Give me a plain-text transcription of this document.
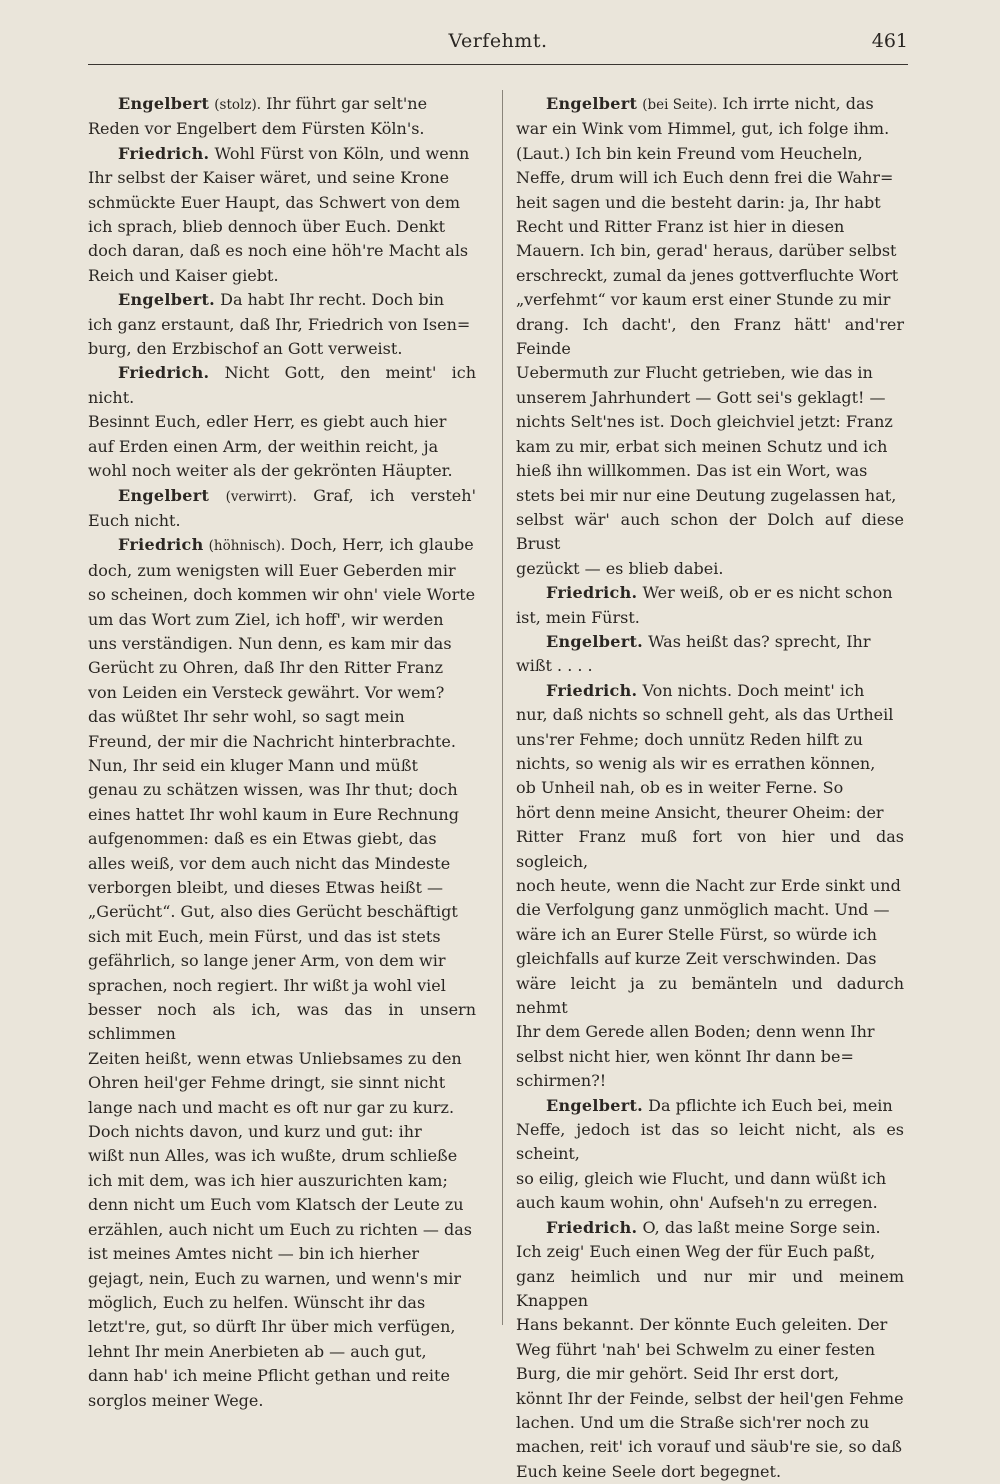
Verfehmt.	461
Engelbert (stolz). Ihr führt gar selt'ne
Reden vor Engelbert dem Fürsten Köln's.
Friedrich. Wohl Fürst von Köln, und wenn
Ihr selbst der Kaiser wäret, und seine Krone
schmückte Euer Haupt, das Schwert von dem
ich sprach, blieb dennoch über Euch. Denkt
doch daran, daß es noch eine höh're Macht als
Reich und Kaiser giebt.
Engelbert. Da habt Ihr recht. Doch bin
ich ganz erstaunt, daß Ihr, Friedrich von Isen=
burg, den Erzbischof an Gott verweist.
Friedrich. Nicht Gott, den meint' ich nicht.
Besinnt Euch, edler Herr, es giebt auch hier
auf Erden einen Arm, der weithin reicht, ja
wohl noch weiter als der gekrönten Häupter.
Engelbert (verwirrt). Graf, ich versteh' Euch nicht.
Friedrich (höhnisch). Doch, Herr, ich glaube
doch, zum wenigsten will Euer Geberden mir
so scheinen, doch kommen wir ohn' viele Worte
um das Wort zum Ziel, ich hoff', wir werden
uns verständigen. Nun denn, es kam mir das
Gerücht zu Ohren, daß Ihr den Ritter Franz
von Leiden ein Versteck gewährt. Vor wem?
das wüßtet Ihr sehr wohl, so sagt mein
Freund, der mir die Nachricht hinterbrachte.
Nun, Ihr seid ein kluger Mann und müßt
genau zu schätzen wissen, was Ihr thut; doch
eines hattet Ihr wohl kaum in Eure Rechnung
aufgenommen: daß es ein Etwas giebt, das
alles weiß, vor dem auch nicht das Mindeste
verborgen bleibt, und dieses Etwas heißt —
„Gerücht“. Gut, also dies Gerücht beschäftigt
sich mit Euch, mein Fürst, und das ist stets
gefährlich, so lange jener Arm, von dem wir
sprachen, noch regiert. Ihr wißt ja wohl viel
besser noch als ich, was das in unsern schlimmen
Zeiten heißt, wenn etwas Unliebsames zu den
Ohren heil'ger Fehme dringt, sie sinnt nicht
lange nach und macht es oft nur gar zu kurz.
Doch nichts davon, und kurz und gut: ihr
wißt nun Alles, was ich wußte, drum schließe
ich mit dem, was ich hier auszurichten kam;
denn nicht um Euch vom Klatsch der Leute zu
erzählen, auch nicht um Euch zu richten — das
ist meines Amtes nicht — bin ich hierher
gejagt, nein, Euch zu warnen, und wenn's mir
möglich, Euch zu helfen. Wünscht ihr das
letzt're, gut, so dürft Ihr über mich verfügen,
lehnt Ihr mein Anerbieten ab — auch gut,
dann hab' ich meine Pflicht gethan und reite
sorglos meiner Wege.
Engelbert (bei Seite). Ich irrte nicht, das
war ein Wink vom Himmel, gut, ich folge ihm.
(Laut.) Ich bin kein Freund vom Heucheln,
Neffe, drum will ich Euch denn frei die Wahr=
heit sagen und die besteht darin: ja, Ihr habt
Recht und Ritter Franz ist hier in diesen
Mauern. Ich bin, gerad' heraus, darüber selbst
erschreckt, zumal da jenes gottverfluchte Wort
„verfehmt“ vor kaum erst einer Stunde zu mir
drang. Ich dacht', den Franz hätt' and'rer Feinde
Uebermuth zur Flucht getrieben, wie das in
unserem Jahrhundert — Gott sei's geklagt! —
nichts Selt'nes ist. Doch gleichviel jetzt: Franz
kam zu mir, erbat sich meinen Schutz und ich
hieß ihn willkommen. Das ist ein Wort, was
stets bei mir nur eine Deutung zugelassen hat,
selbst wär' auch schon der Dolch auf diese Brust
gezückt — es blieb dabei.
Friedrich. Wer weiß, ob er es nicht schon
ist, mein Fürst.
Engelbert. Was heißt das? sprecht, Ihr
wißt . . . .
Friedrich. Von nichts. Doch meint' ich
nur, daß nichts so schnell geht, als das Urtheil
uns'rer Fehme; doch unnütz Reden hilft zu
nichts, so wenig als wir es errathen können,
ob Unheil nah, ob es in weiter Ferne. So
hört denn meine Ansicht, theurer Oheim: der
Ritter Franz muß fort von hier und das sogleich,
noch heute, wenn die Nacht zur Erde sinkt und
die Verfolgung ganz unmöglich macht. Und —
wäre ich an Eurer Stelle Fürst, so würde ich
gleichfalls auf kurze Zeit verschwinden. Das
wäre leicht ja zu bemänteln und dadurch nehmt
Ihr dem Gerede allen Boden; denn wenn Ihr
selbst nicht hier, wen könnt Ihr dann be=
schirmen?!
Engelbert. Da pflichte ich Euch bei, mein
Neffe, jedoch ist das so leicht nicht, als es scheint,
so eilig, gleich wie Flucht, und dann wüßt ich
auch kaum wohin, ohn' Aufseh'n zu erregen.
Friedrich. O, das laßt meine Sorge sein.
Ich zeig' Euch einen Weg der für Euch paßt,
ganz heimlich und nur mir und meinem Knappen
Hans bekannt. Der könnte Euch geleiten. Der
Weg führt 'nah' bei Schwelm zu einer festen
Burg, die mir gehört. Seid Ihr erst dort,
könnt Ihr der Feinde, selbst der heil'gen Fehme
lachen. Und um die Straße sich'rer noch zu
machen, reit' ich vorauf und säub're sie, so daß
Euch keine Seele dort begegnet.
